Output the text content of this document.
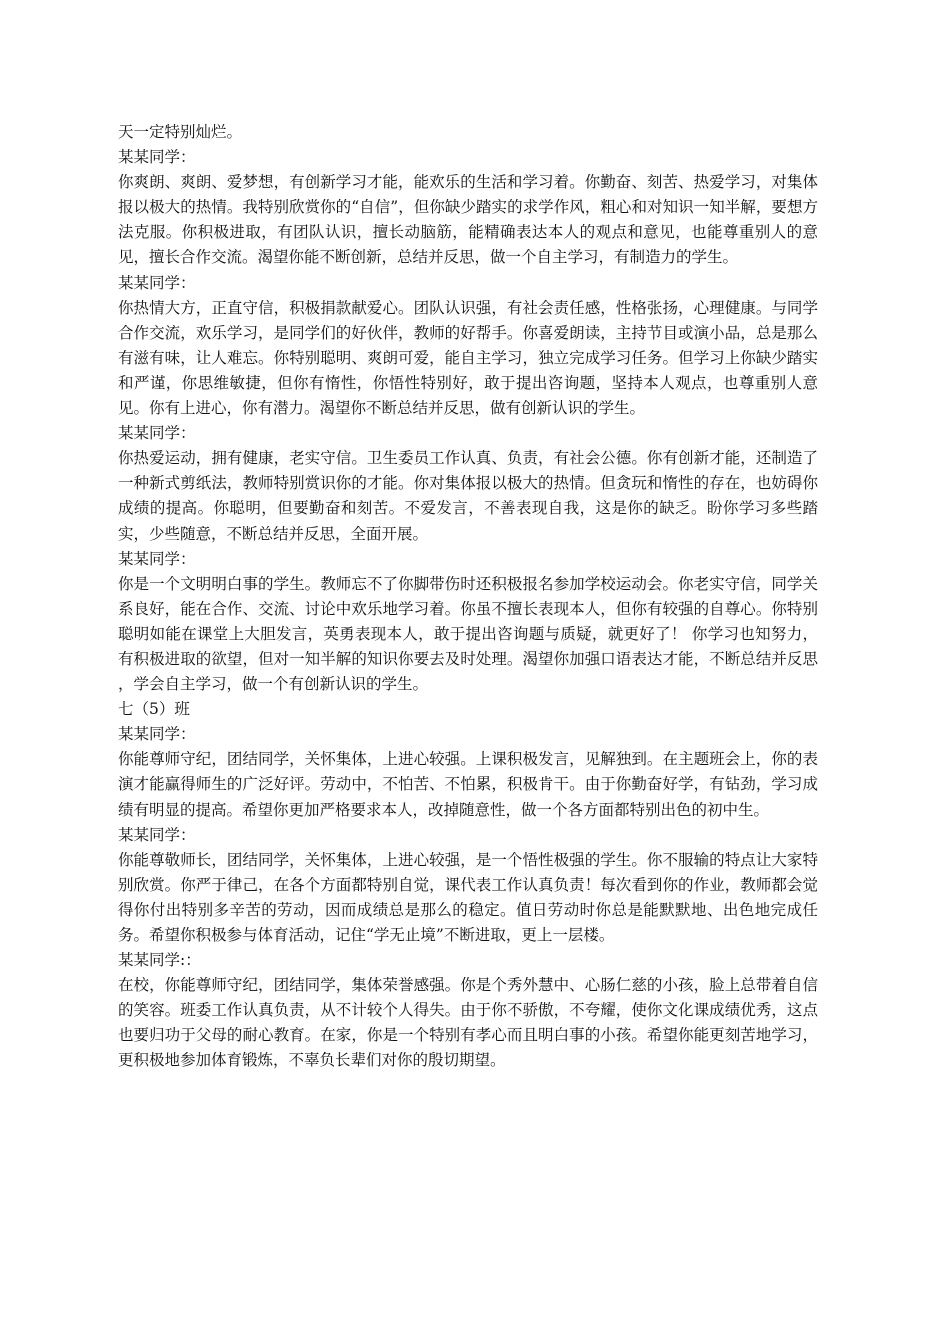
天一定特别灿烂。

某某同学：

你爽朗、爽朗、爱梦想，有创新学习才能，能欢乐的生活和学习着。你勤奋、刻苦、热爱学习，对集体报以极大的热情。我特别欣赏你的“自信”，但你缺少踏实的求学作风，粗心和对知识一知半解，要想方法克服。你积极进取，有团队认识，擅长动脑筋，能精确表达本人的观点和意见，也能尊重别人的意见，擅长合作交流。渴望你能不断创新，总结并反思，做一个自主学习，有制造力的学生。

某某同学：

你热情大方，正直守信，积极捐款献爱心。团队认识强，有社会责任感，性格张扬，心理健康。与同学合作交流，欢乐学习，是同学们的好伙伴，教师的好帮手。你喜爱朗读，主持节目或演小品，总是那么有滋有味，让人难忘。你特别聪明、爽朗可爱，能自主学习，独立完成学习任务。但学习上你缺少踏实和严谨，你思维敏捷，但你有惰性，你悟性特别好，敢于提出咨询题，坚持本人观点，也尊重别人意见。你有上进心，你有潜力。渴望你不断总结并反思，做有创新认识的学生。

某某同学：

你热爱运动，拥有健康，老实守信。卫生委员工作认真、负责，有社会公德。你有创新才能，还制造了一种新式剪纸法，教师特别赏识你的才能。你对集体报以极大的热情。但贪玩和惰性的存在，也妨碍你成绩的提高。你聪明，但要勤奋和刻苦。不爱发言，不善表现自我，这是你的缺乏。盼你学习多些踏实，少些随意，不断总结并反思，全面开展。

某某同学：

你是一个文明明白事的学生。教师忘不了你脚带伤时还积极报名参加学校运动会。你老实守信，同学关系良好，能在合作、交流、讨论中欢乐地学习着。你虽不擅长表现本人，但你有较强的自尊心。你特别聪明如能在课堂上大胆发言，英勇表现本人，敢于提出咨询题与质疑，就更好了！ 你学习也知努力，有积极进取的欲望，但对一知半解的知识你要去及时处理。渴望你加强口语表达才能，不断总结并反思 ，学会自主学习，做一个有创新认识的学生。

七（5）班

某某同学：

你能尊师守纪，团结同学，关怀集体，上进心较强。上课积极发言，见解独到。在主题班会上，你的表演才能赢得师生的广泛好评。劳动中，不怕苦、不怕累，积极肯干。由于你勤奋好学，有钻劲，学习成绩有明显的提高。希望你更加严格要求本人，改掉随意性，做一个各方面都特别出色的初中生。

某某同学：

你能尊敬师长，团结同学，关怀集体，上进心较强，是一个悟性极强的学生。你不服输的特点让大家特别欣赏。你严于律己，在各个方面都特别自觉，课代表工作认真负责！每次看到你的作业，教师都会觉得你付出特别多辛苦的劳动，因而成绩总是那么的稳定。值日劳动时你总是能默默地、出色地完成任务。希望你积极参与体育活动，记住“学无止境”不断进取，更上一层楼。

某某同学:：

在校，你能尊师守纪，团结同学，集体荣誉感强。你是个秀外慧中、心肠仁慈的小孩，脸上总带着自信的笑容。班委工作认真负责，从不计较个人得失。由于你不骄傲，不夸耀，使你文化课成绩优秀，这点也要归功于父母的耐心教育。在家，你是一个特别有孝心而且明白事的小孩。希望你能更刻苦地学习，更积极地参加体育锻炼，不辜负长辈们对你的殷切期望。
